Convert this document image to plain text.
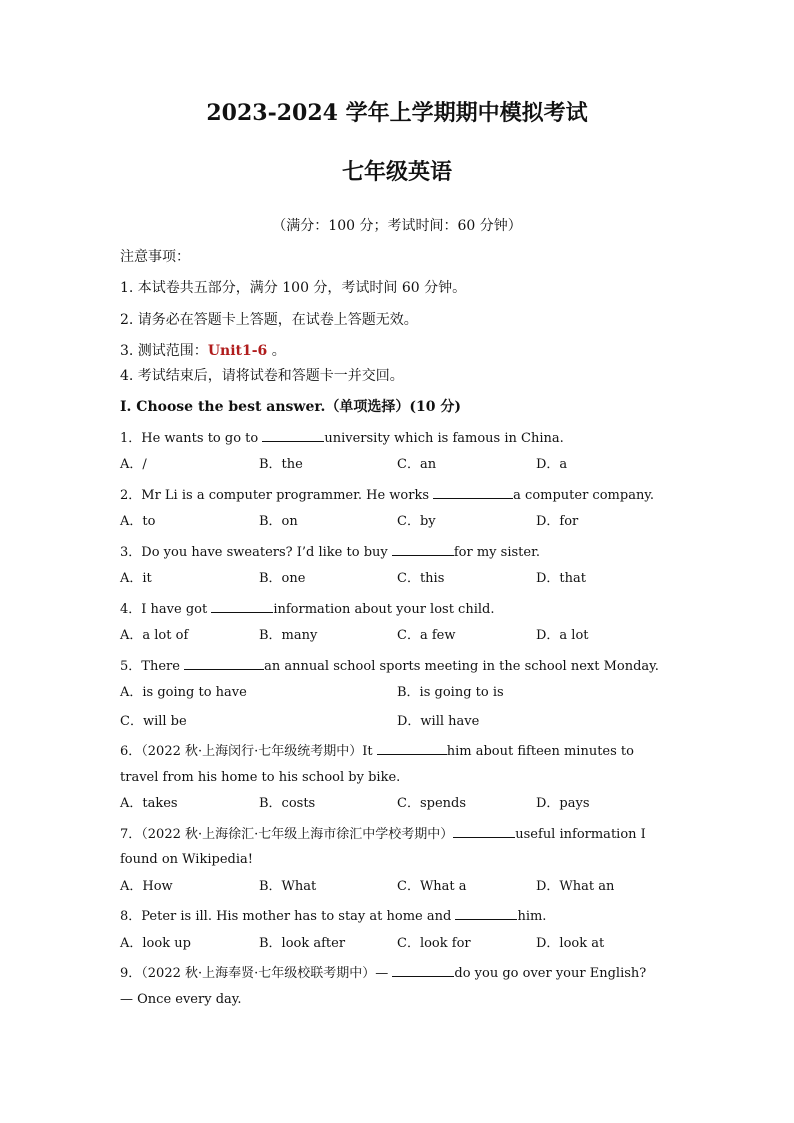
2023-2024 学年上学期期中模拟考试
七年级英语
（满分：100 分；考试时间：60 分钟）
注意事项：
1. 本试卷共五部分，满分 100 分，考试时间 60 分钟。
2. 请务必在答题卡上答题，在试卷上答题无效。
3. 测试范围：Unit1-6 。
4. 考试结束后，请将试卷和答题卡一并交回。
I. Choose the best answer.（单项选择）(10 分)
1．He wants to go to	university which is famous in China.
A．/	B．the	C．an	D．a
2．Mr Li is a computer programmer. He works	a computer company.
A．to	B．on	C．by	D．for
3．Do you have sweaters? I’d like to buy	for my sister.
A．it	B．one	C．this	D．that
4．I have got	information about your lost child.
A．a lot of	B．many	C．a few	D．a lot
5．There	an annual school sports meeting in the school next Monday.
A．is going to have	B．is going to is
C．will be	D．will have
6．（2022 秋·上海闵行·七年级统考期中）It	him about fifteen minutes to
travel from his home to his school by bike.
A．takes	B．costs	C．spends	D．pays
7．（2022 秋·上海徐汇·七年级上海市徐汇中学校考期中）	useful information I
found on Wikipedia!
A．How	B．What	C．What a	D．What an
8．Peter is ill. His mother has to stay at home and	him.
A．look up	B．look after	C．look for	D．look at
9．（2022 秋·上海奉贤·七年级校联考期中）—	do you go over your English?
— Once every day.
